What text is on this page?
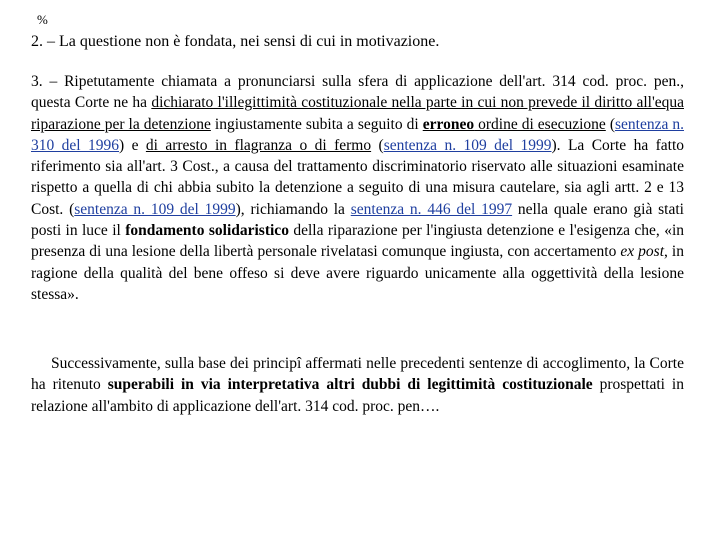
%

2. – La questione non è fondata, nei sensi di cui in motivazione.

3. – Ripetutamente chiamata a pronunciarsi sulla sfera di applicazione dell'art. 314 cod. proc. pen., questa Corte ne ha dichiarato l'illegittimità costituzionale nella parte in cui non prevede il diritto all'equa riparazione per la detenzione ingiustamente subita a seguito di erroneo ordine di esecuzione (sentenza n. 310 del 1996) e di arresto in flagranza o di fermo (sentenza n. 109 del 1999). La Corte ha fatto riferimento sia all'art. 3 Cost., a causa del trattamento discriminatorio riservato alle situazioni esaminate rispetto a quella di chi abbia subito la detenzione a seguito di una misura cautelare, sia agli artt. 2 e 13 Cost. (sentenza n. 109 del 1999), richiamando la sentenza n. 446 del 1997 nella quale erano già stati posti in luce il fondamento solidaristico della riparazione per l'ingiusta detenzione e l'esigenza che, «in presenza di una lesione della libertà personale rivelatasi comunque ingiusta, con accertamento ex post, in ragione della qualità del bene offeso si deve avere riguardo unicamente alla oggettività della lesione stessa».

Successivamente, sulla base dei principî affermati nelle precedenti sentenze di accoglimento, la Corte ha ritenuto superabili in via interpretativa altri dubbi di legittimità costituzionale prospettati in relazione all'ambito di applicazione dell'art. 314 cod. proc. pen….
